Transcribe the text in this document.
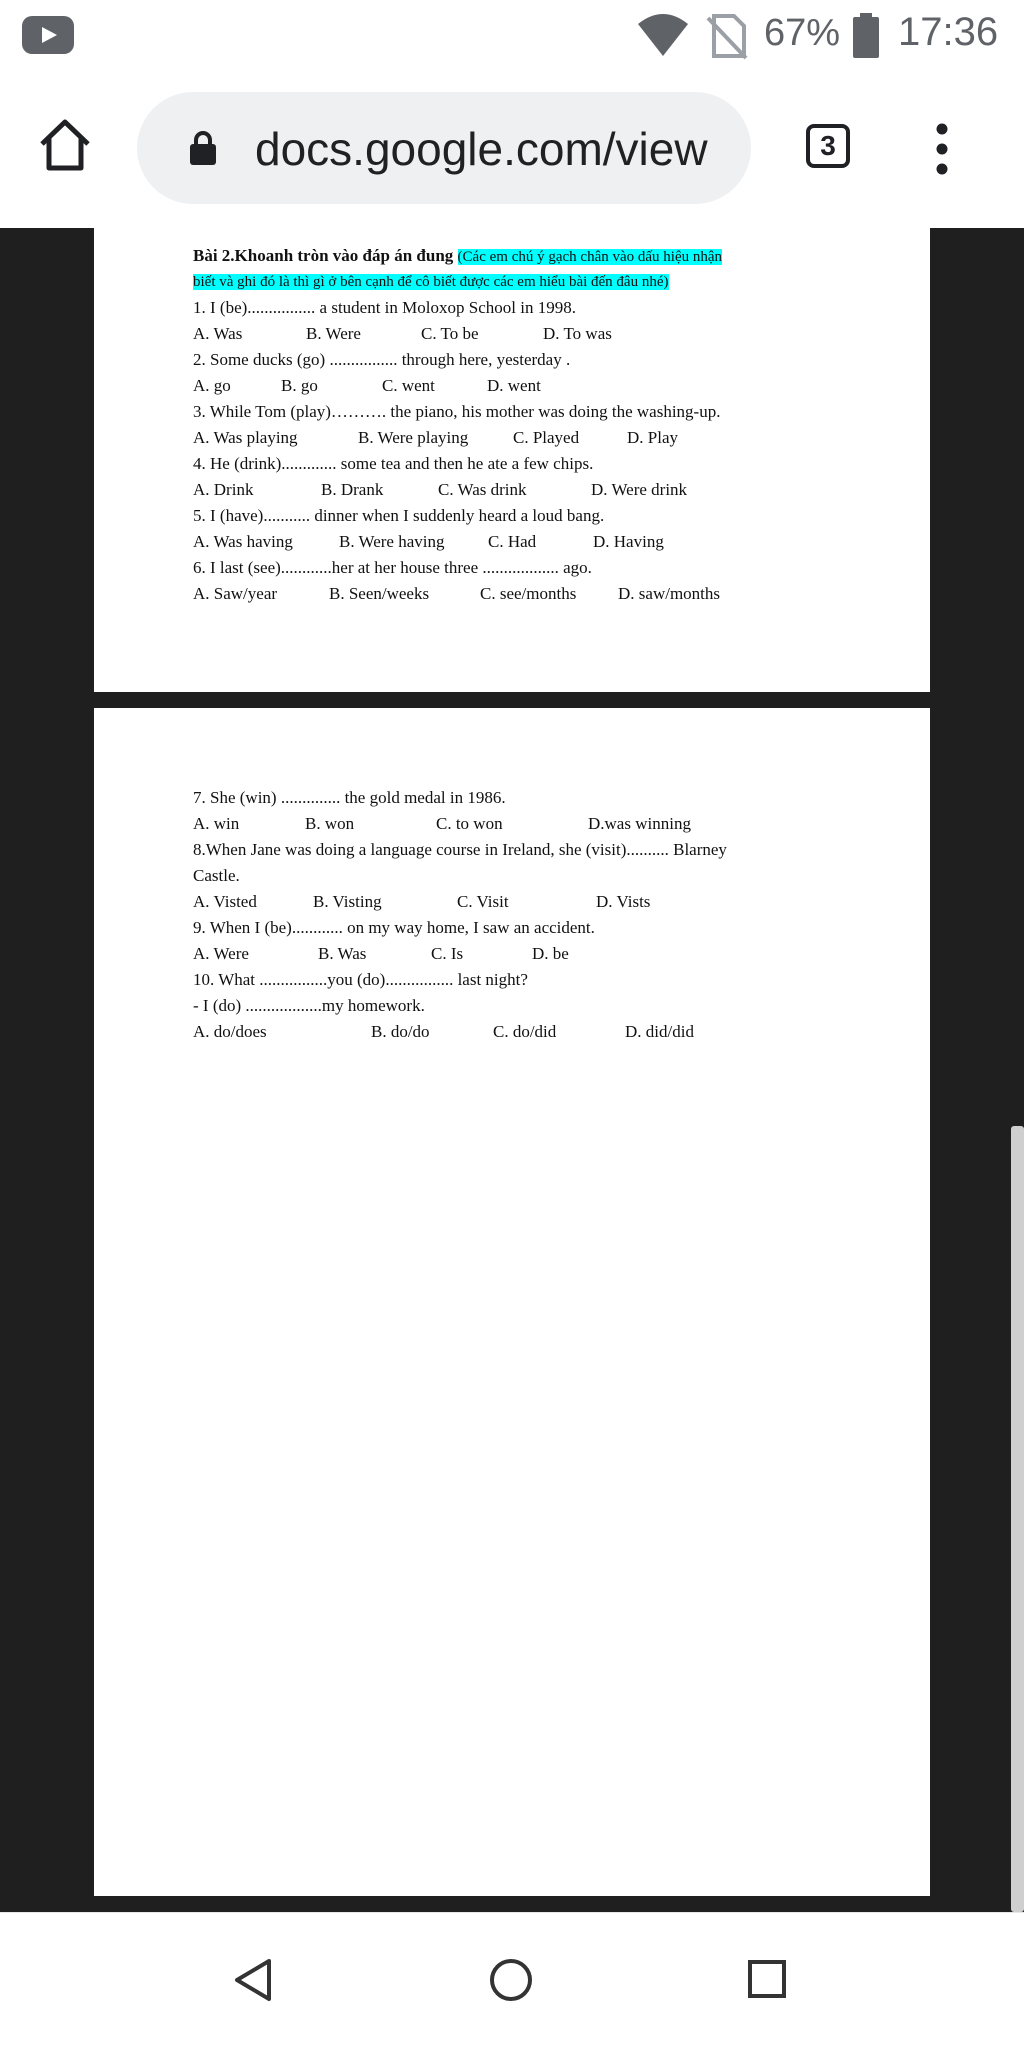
67% 17:36
docs.google.com/view	3
Bài 2.Khoanh tròn vào đáp án đung (Các em chú ý gạch chân vào dấu hiệu nhận
biết và ghi đó là thì gì ở bên cạnh để cô biết được các em hiểu bài đến đâu nhé)
1. I (be)................ a student in Moloxop School in 1998.
A. Was	B. Were	C. To be	D. To was
2. Some ducks (go) ................ through here, yesterday .
A. go	B. go	C. went	D. went
3. While Tom (play)………. the piano, his mother was doing the washing-up.
A. Was playing	B. Were playing	C. Played	D. Play
4. He (drink)............. some tea and then he ate a few chips.
A. Drink	B. Drank	C. Was drink	D. Were drink
5. I (have)........... dinner when I suddenly heard a loud bang.
A. Was having	B. Were having	C. Had	D. Having
6. I last (see)............her at her house three .................. ago.
A. Saw/year	B. Seen/weeks	C. see/months D. saw/months
7. She (win) .............. the gold medal in 1986.
A. win	B. won	C. to won	D.was winning
8.When Jane was doing a language course in Ireland, she (visit).......... Blarney
Castle.
A. Visted	B. Visting	C. Visit	D. Vists
9. When I (be)............ on my way home, I saw an accident.
A. Were	B. Was	C. Is	D. be
10. What ................you (do)................ last night?
- I (do) ..................my homework.
A. do/does	B. do/do	C. do/did	D. did/did
